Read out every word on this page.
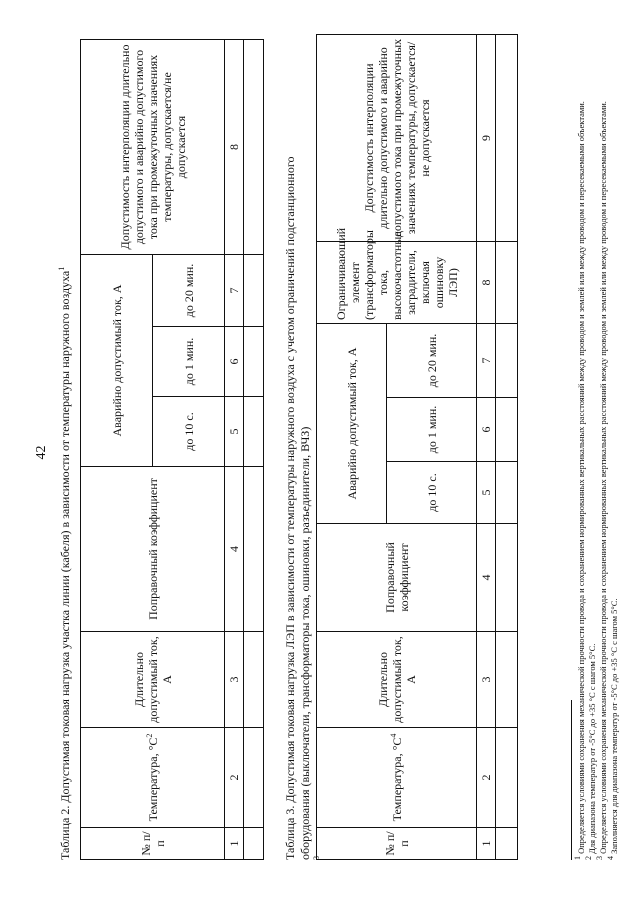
42 Таблица 2. Допустимая токовая нагрузка участка линии (кабеля) в зависимости от температуры наружного воздуха$^1$
№ п/п	Температура, $^\circ С^2$	Длительно допустимый ток, А	Поправочный коэффициент	Аварийно допустимый ток, А			Допустимость интерполяции длительно допустимого и аварийно допустимого тока при промежуточных значениях температуры, допускается/не допускается
				до 10 с.	до 1 мин.	до 20 мин.	
1	2	3	4	5	6	7	8

Таблица 3. Допустимая токовая нагрузка ЛЭП в зависимости от температуры наружного воздуха с учетом ограничений подстанционного оборудования (выключатели, трансформаторы тока, ошиновки, разъединители, ВЧЗ) $^3$
№ п/п	Температура, $^\circ С^4$	Длительно допустимый ток, А	Поправочный коэффициент	Аварийно допустимый ток, А			Ограничивающий элемент (трансформаторы тока, высокочастотные заградители, включая ошиновку ЛЭП)	Допустимость интерполяции длительно допустимого и аварийно допустимого тока при промежуточных значениях температуры, допускается/не допускается
				до 10 с.	до 1 мин.	до 20 мин.		
1	2	3	4	5	6	7	8	9

$^1$ Определяется условиями сохранения механической прочности провода и сохранением нормированных вертикальных расстояний между проводом и землей или между проводом и пересекаемыми объектами.

$^2$ Для диапазона температур от -5°С до +35 °С с шагом 5°С.

$^3$ Определяется условиями сохранения механической прочности провода и сохранением нормированных вертикальных расстояний между проводом и землей или между проводом и пересекаемыми объектами.

$^4$ Заполняется для диапазона температур от -5°С до +35 °С с шагом 5°С.
